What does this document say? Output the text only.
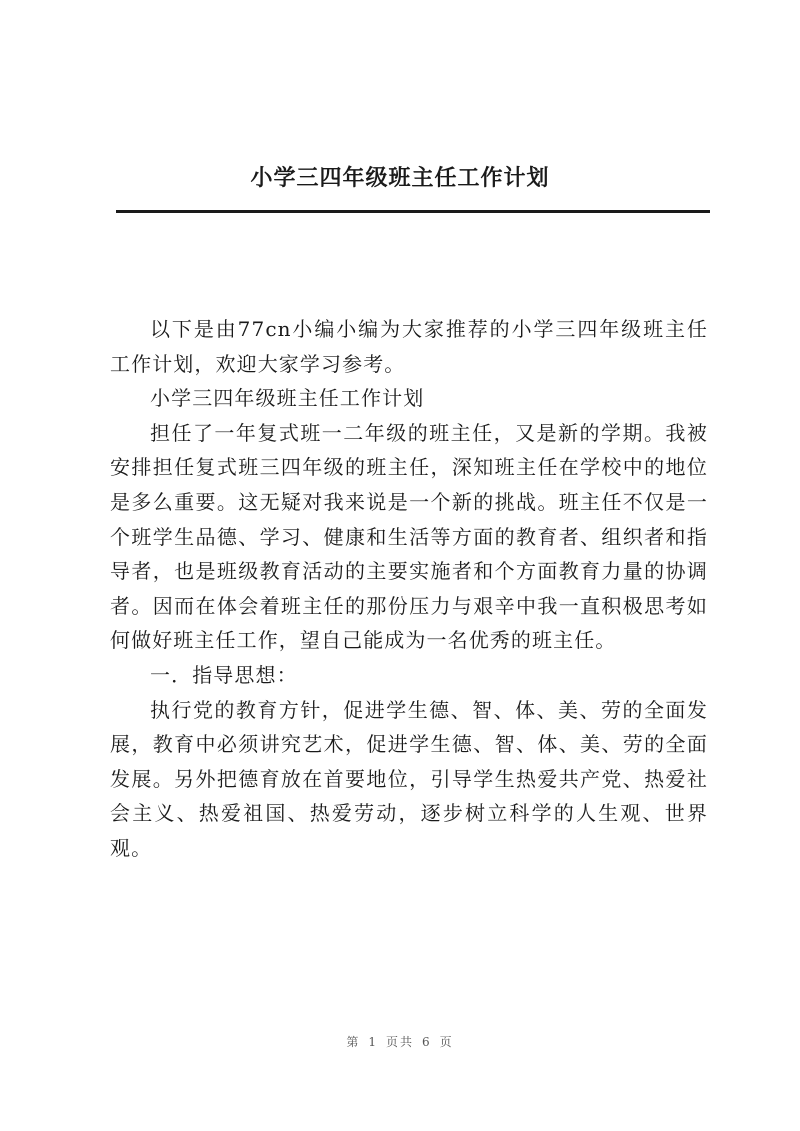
小学三四年级班主任工作计划

以下是由77cn小编小编为大家推荐的小学三四年级班主任工作计划，欢迎大家学习参考。

小学三四年级班主任工作计划

担任了一年复式班一二年级的班主任，又是新的学期。我被安排担任复式班三四年级的班主任，深知班主任在学校中的地位是多么重要。这无疑对我来说是一个新的挑战。班主任不仅是一个班学生品德、学习、健康和生活等方面的教育者、组织者和指导者，也是班级教育活动的主要实施者和个方面教育力量的协调者。因而在体会着班主任的那份压力与艰辛中我一直积极思考如何做好班主任工作，望自己能成为一名优秀的班主任。

一．指导思想：

执行党的教育方针，促进学生德、智、体、美、劳的全面发展，教育中必须讲究艺术，促进学生德、智、体、美、劳的全面发展。另外把德育放在首要地位，引导学生热爱共产党、热爱社会主义、热爱祖国、热爱劳动，逐步树立科学的人生观、世界观。

第 1 页共 6 页
